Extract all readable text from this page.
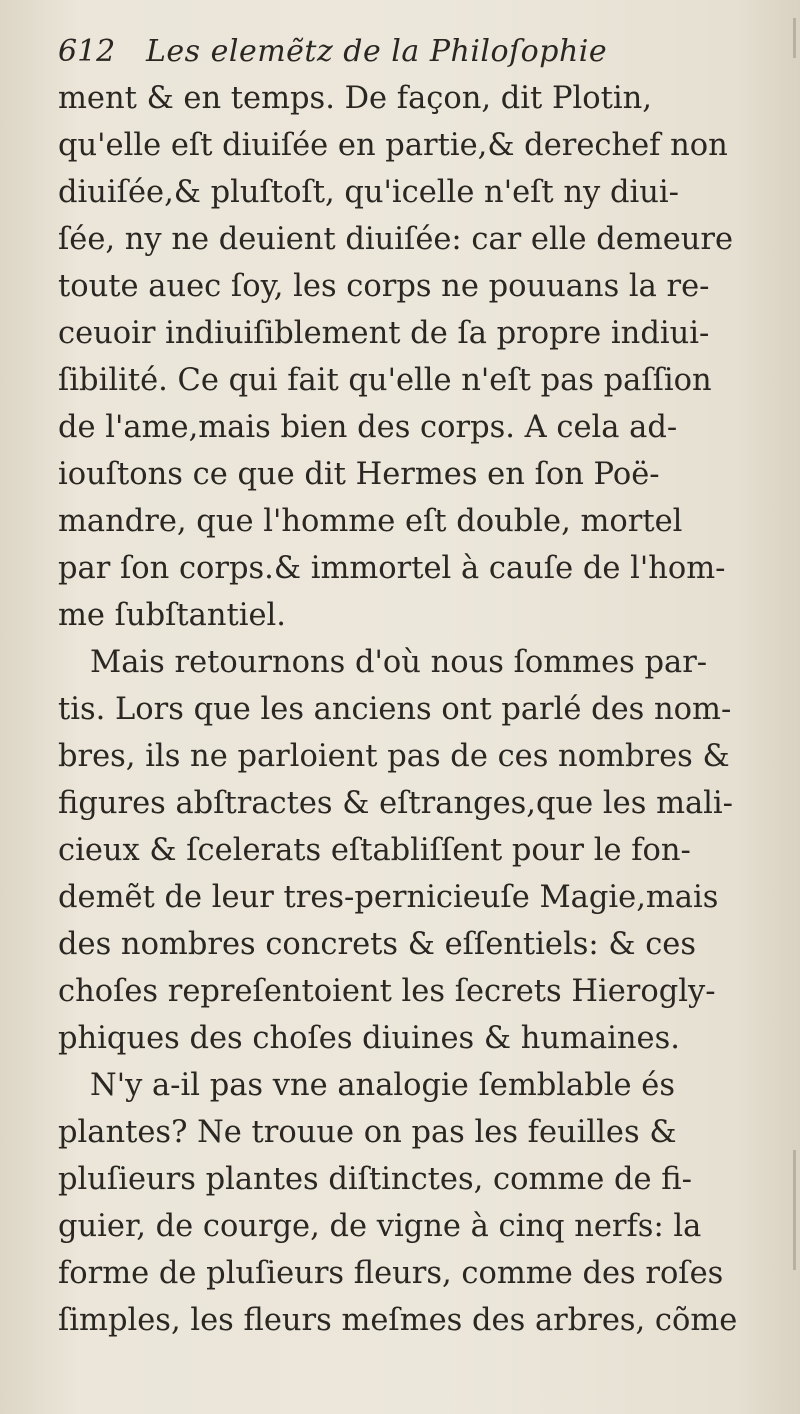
612 Les elemẽtz de la Philoſophie
ment & en temps. De façon, dit Plotin,
qu'elle eſt diuiſée en partie,& derechef non
diuiſée,& pluſtoſt, qu'icelle n'eſt ny diui-
ſée, ny ne deuient diuiſée: car elle demeure
toute auec ſoy, les corps ne pouuans la re-
ceuoir indiuiſiblement de ſa propre indiui-
ſibilité. Ce qui fait qu'elle n'eſt pas paſſion
de l'ame,mais bien des corps. A cela ad-
iouſtons ce que dit Hermes en ſon Poë-
mandre, que l'homme eſt double, mortel
par ſon corps.& immortel à cauſe de l'hom-
me ſubſtantiel.
Mais retournons d'où nous ſommes par-
tis. Lors que les anciens ont parlé des nom-
bres, ils ne parloient pas de ces nombres &
figures abſtractes & eſtranges,que les mali-
cieux & ſcelerats eſtabliſſent pour le fon-
demẽt de leur tres-pernicieuſe Magie,mais
des nombres concrets & eſſentiels: & ces
choſes repreſentoient les ſecrets Hierogly-
phiques des choſes diuines & humaines.
N'y a-il pas vne analogie ſemblable és
plantes? Ne trouue on pas les feuilles &
pluſieurs plantes diſtinctes, comme de fi-
guier, de courge, de vigne à cinq nerfs: la
forme de pluſieurs fleurs, comme des roſes
ſimples, les fleurs meſmes des arbres, cõme
